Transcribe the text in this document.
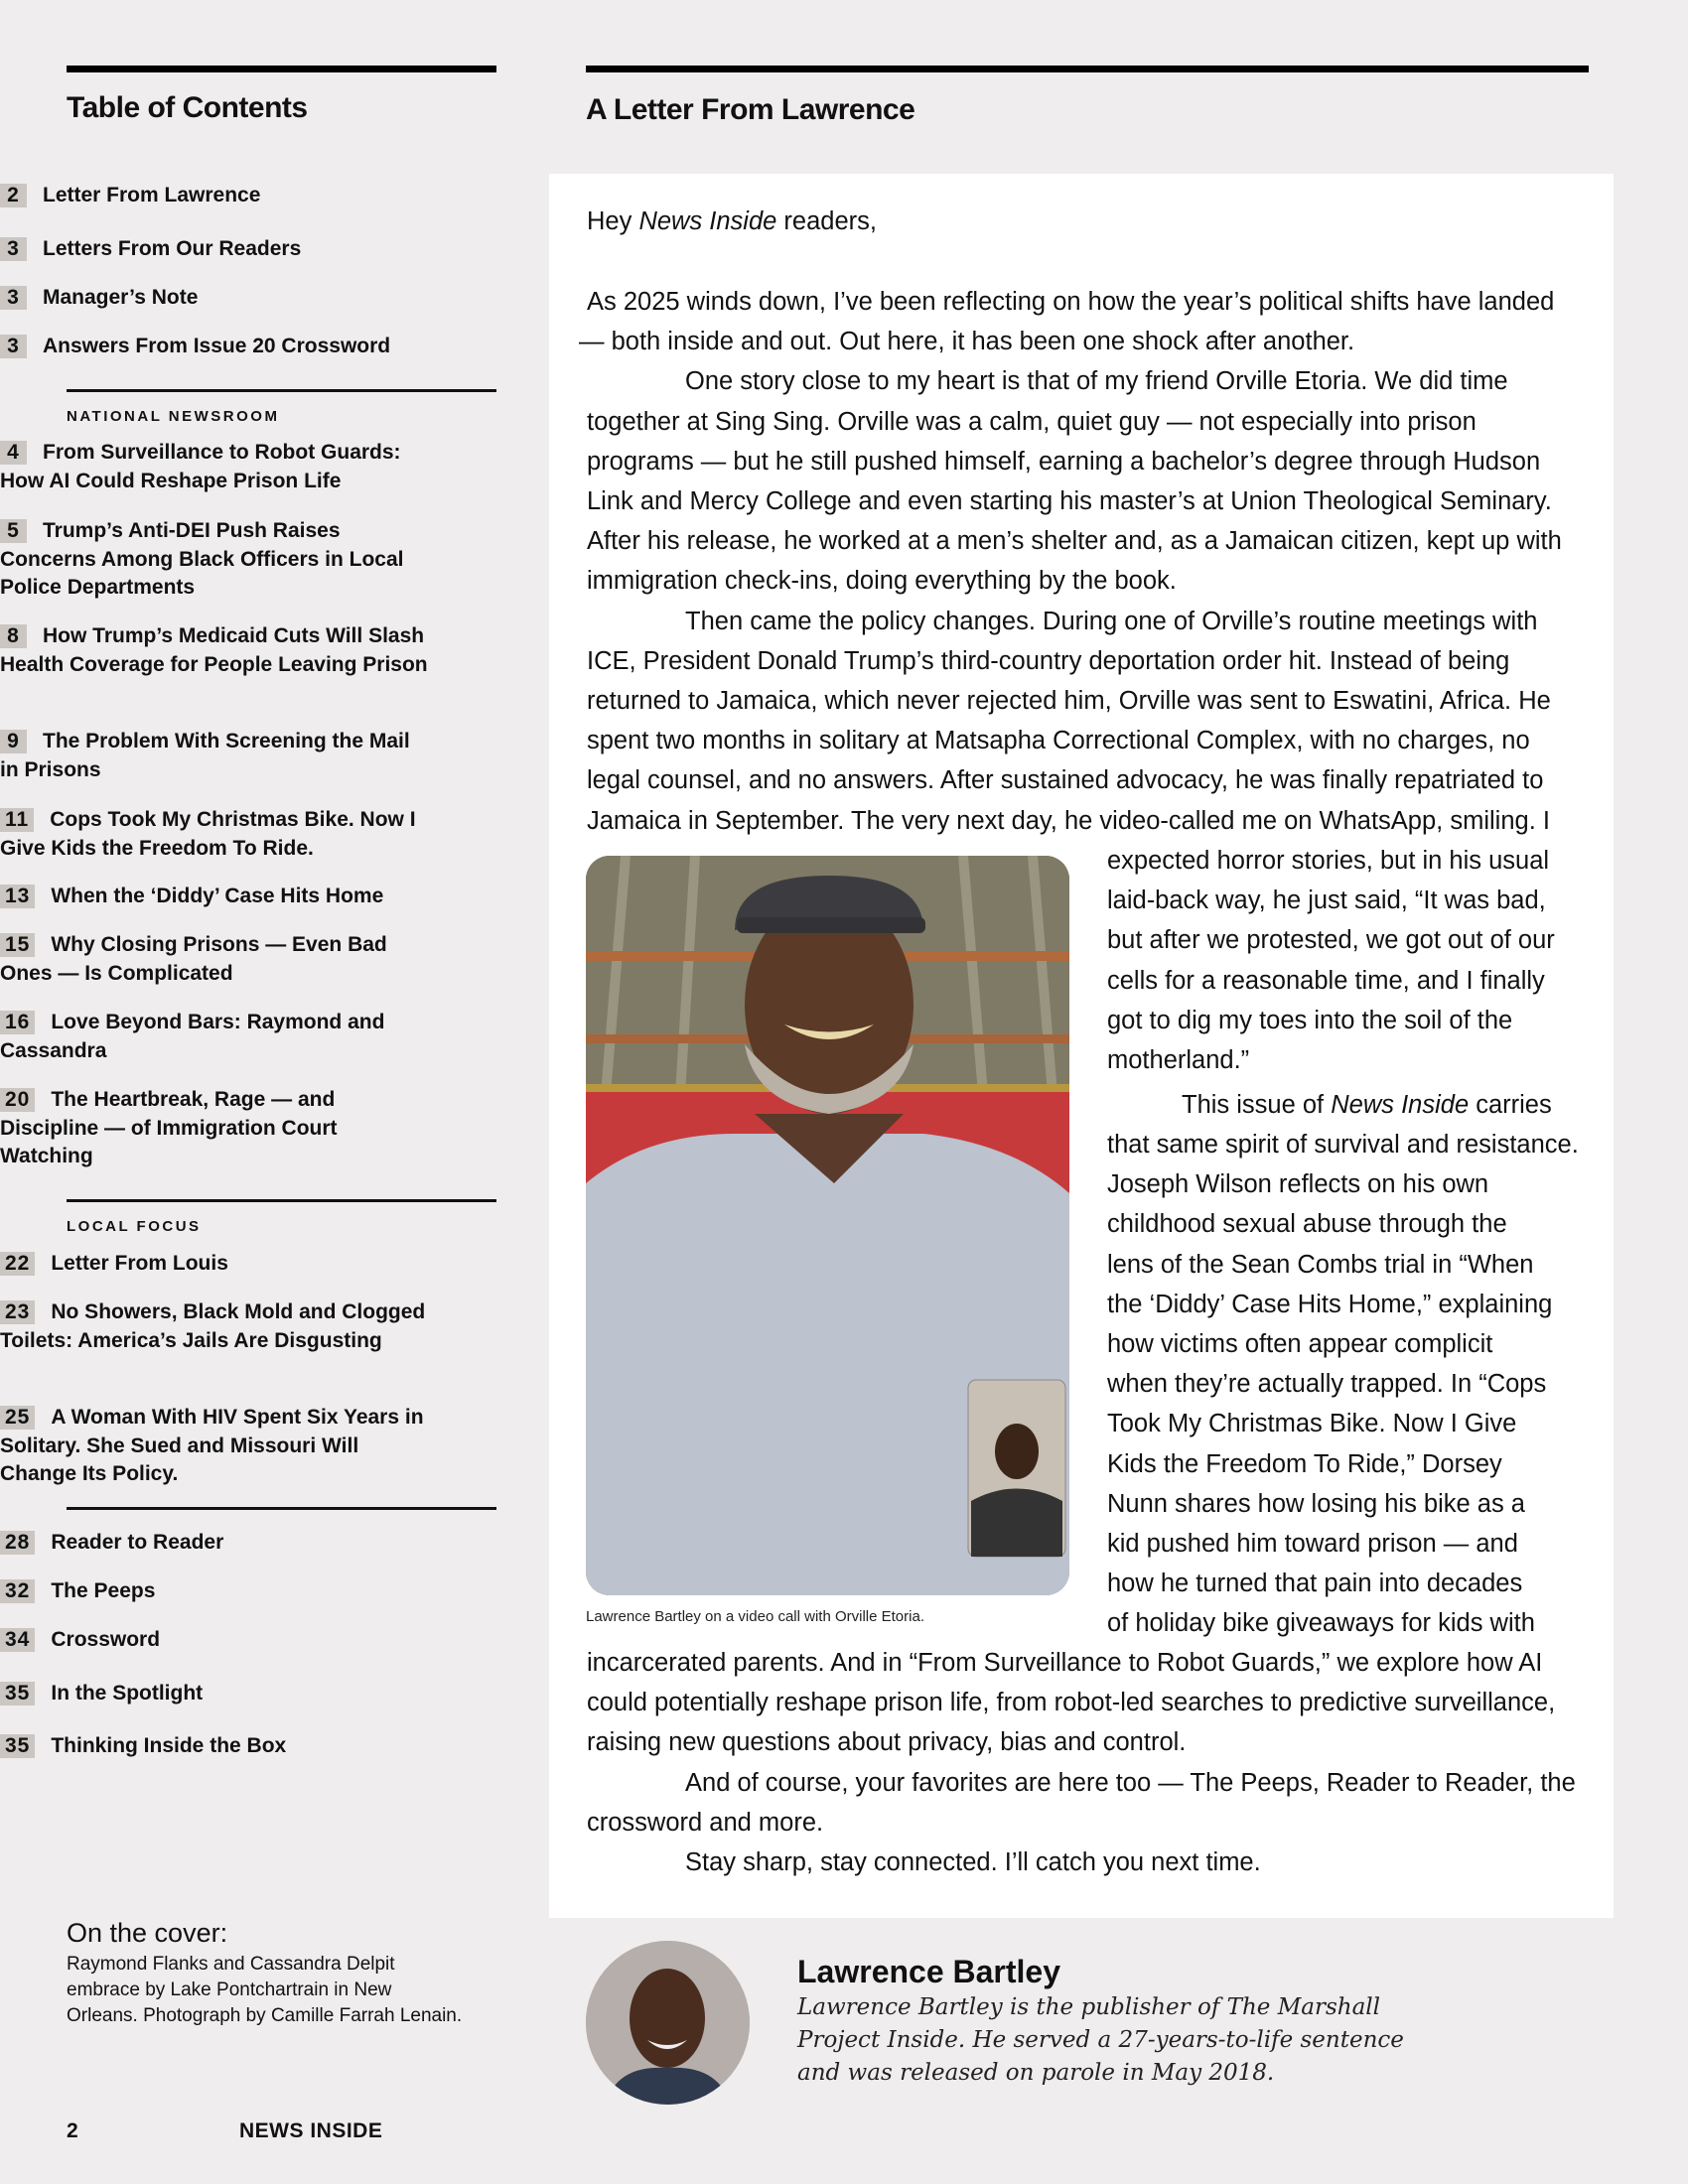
Table of Contents
2 Letter From Lawrence
3 Letters From Our Readers
3 Manager’s Note
3 Answers From Issue 20 Crossword
4 From Surveillance to Robot Guards: How AI Could Reshape Prison Life
5 Trump’s Anti-DEI Push Raises Concerns Among Black Officers in Local Police Departments
8 How Trump’s Medicaid Cuts Will Slash Health Coverage for People Leaving Prison
9 The Problem With Screening the Mail in Prisons
11 Cops Took My Christmas Bike. Now I Give Kids the Freedom To Ride.
13 When the ‘Diddy’ Case Hits Home
15 Why Closing Prisons — Even Bad Ones — Is Complicated
16 Love Beyond Bars: Raymond and Cassandra
20 The Heartbreak, Rage — and Discipline — of Immigration Court Watching
22 Letter From Louis
23 No Showers, Black Mold and Clogged Toilets: America’s Jails Are Disgusting
25 A Woman With HIV Spent Six Years in Solitary. She Sued and Missouri Will Change Its Policy.
28 Reader to Reader
32 The Peeps
34 Crossword
35 In the Spotlight
35 Thinking Inside the Box
On the cover:
Raymond Flanks and Cassandra Delpit embrace by Lake Pontchartrain in New Orleans. Photograph by Camille Farrah Lenain.
2	NEWS INSIDE
A Letter From Lawrence
Hey News Inside readers,
As 2025 winds down, I’ve been reflecting on how the year’s political shifts have landed
— both inside and out. Out here, it has been one shock after another.
One story close to my heart is that of my friend Orville Etoria. We did time
together at Sing Sing. Orville was a calm, quiet guy — not especially into prison
programs — but he still pushed himself, earning a bachelor’s degree through Hudson
Link and Mercy College and even starting his master’s at Union Theological Seminary.
After his release, he worked at a men’s shelter and, as a Jamaican citizen, kept up with
immigration check-ins, doing everything by the book.
Then came the policy changes. During one of Orville’s routine meetings with
ICE, President Donald Trump’s third-country deportation order hit. Instead of being
returned to Jamaica, which never rejected him, Orville was sent to Eswatini, Africa. He
spent two months in solitary at Matsapha Correctional Complex, with no charges, no
legal counsel, and no answers. After sustained advocacy, he was finally repatriated to
Jamaica in September. The very next day, he video-called me on WhatsApp, smiling. I
Lawrence Bartley on a video call with Orville Etoria.
expected horror stories, but in his usual
laid-back way, he just said, “It was bad,
but after we protested, we got out of our
cells for a reasonable time, and I finally
got to dig my toes into the soil of the
motherland.”
This issue of News Inside carries
that same spirit of survival and resistance.
Joseph Wilson reflects on his own
childhood sexual abuse through the
lens of the Sean Combs trial in “When
the ‘Diddy’ Case Hits Home,” explaining
how victims often appear complicit
when they’re actually trapped. In “Cops
Took My Christmas Bike. Now I Give
Kids the Freedom To Ride,” Dorsey
Nunn shares how losing his bike as a
kid pushed him toward prison — and
how he turned that pain into decades
of holiday bike giveaways for kids with
incarcerated parents. And in “From Surveillance to Robot Guards,” we explore how AI
could potentially reshape prison life, from robot-led searches to predictive surveillance,
raising new questions about privacy, bias and control.
And of course, your favorites are here too — The Peeps, Reader to Reader, the
crossword and more.
Stay sharp, stay connected. I’ll catch you next time.
Lawrence Bartley
Lawrence Bartley is the publisher of The Marshall
Project Inside. He served a 27-years-to-life sentence
and was released on parole in May 2018.
NATIONAL NEWSROOM
LOCAL FOCUS
